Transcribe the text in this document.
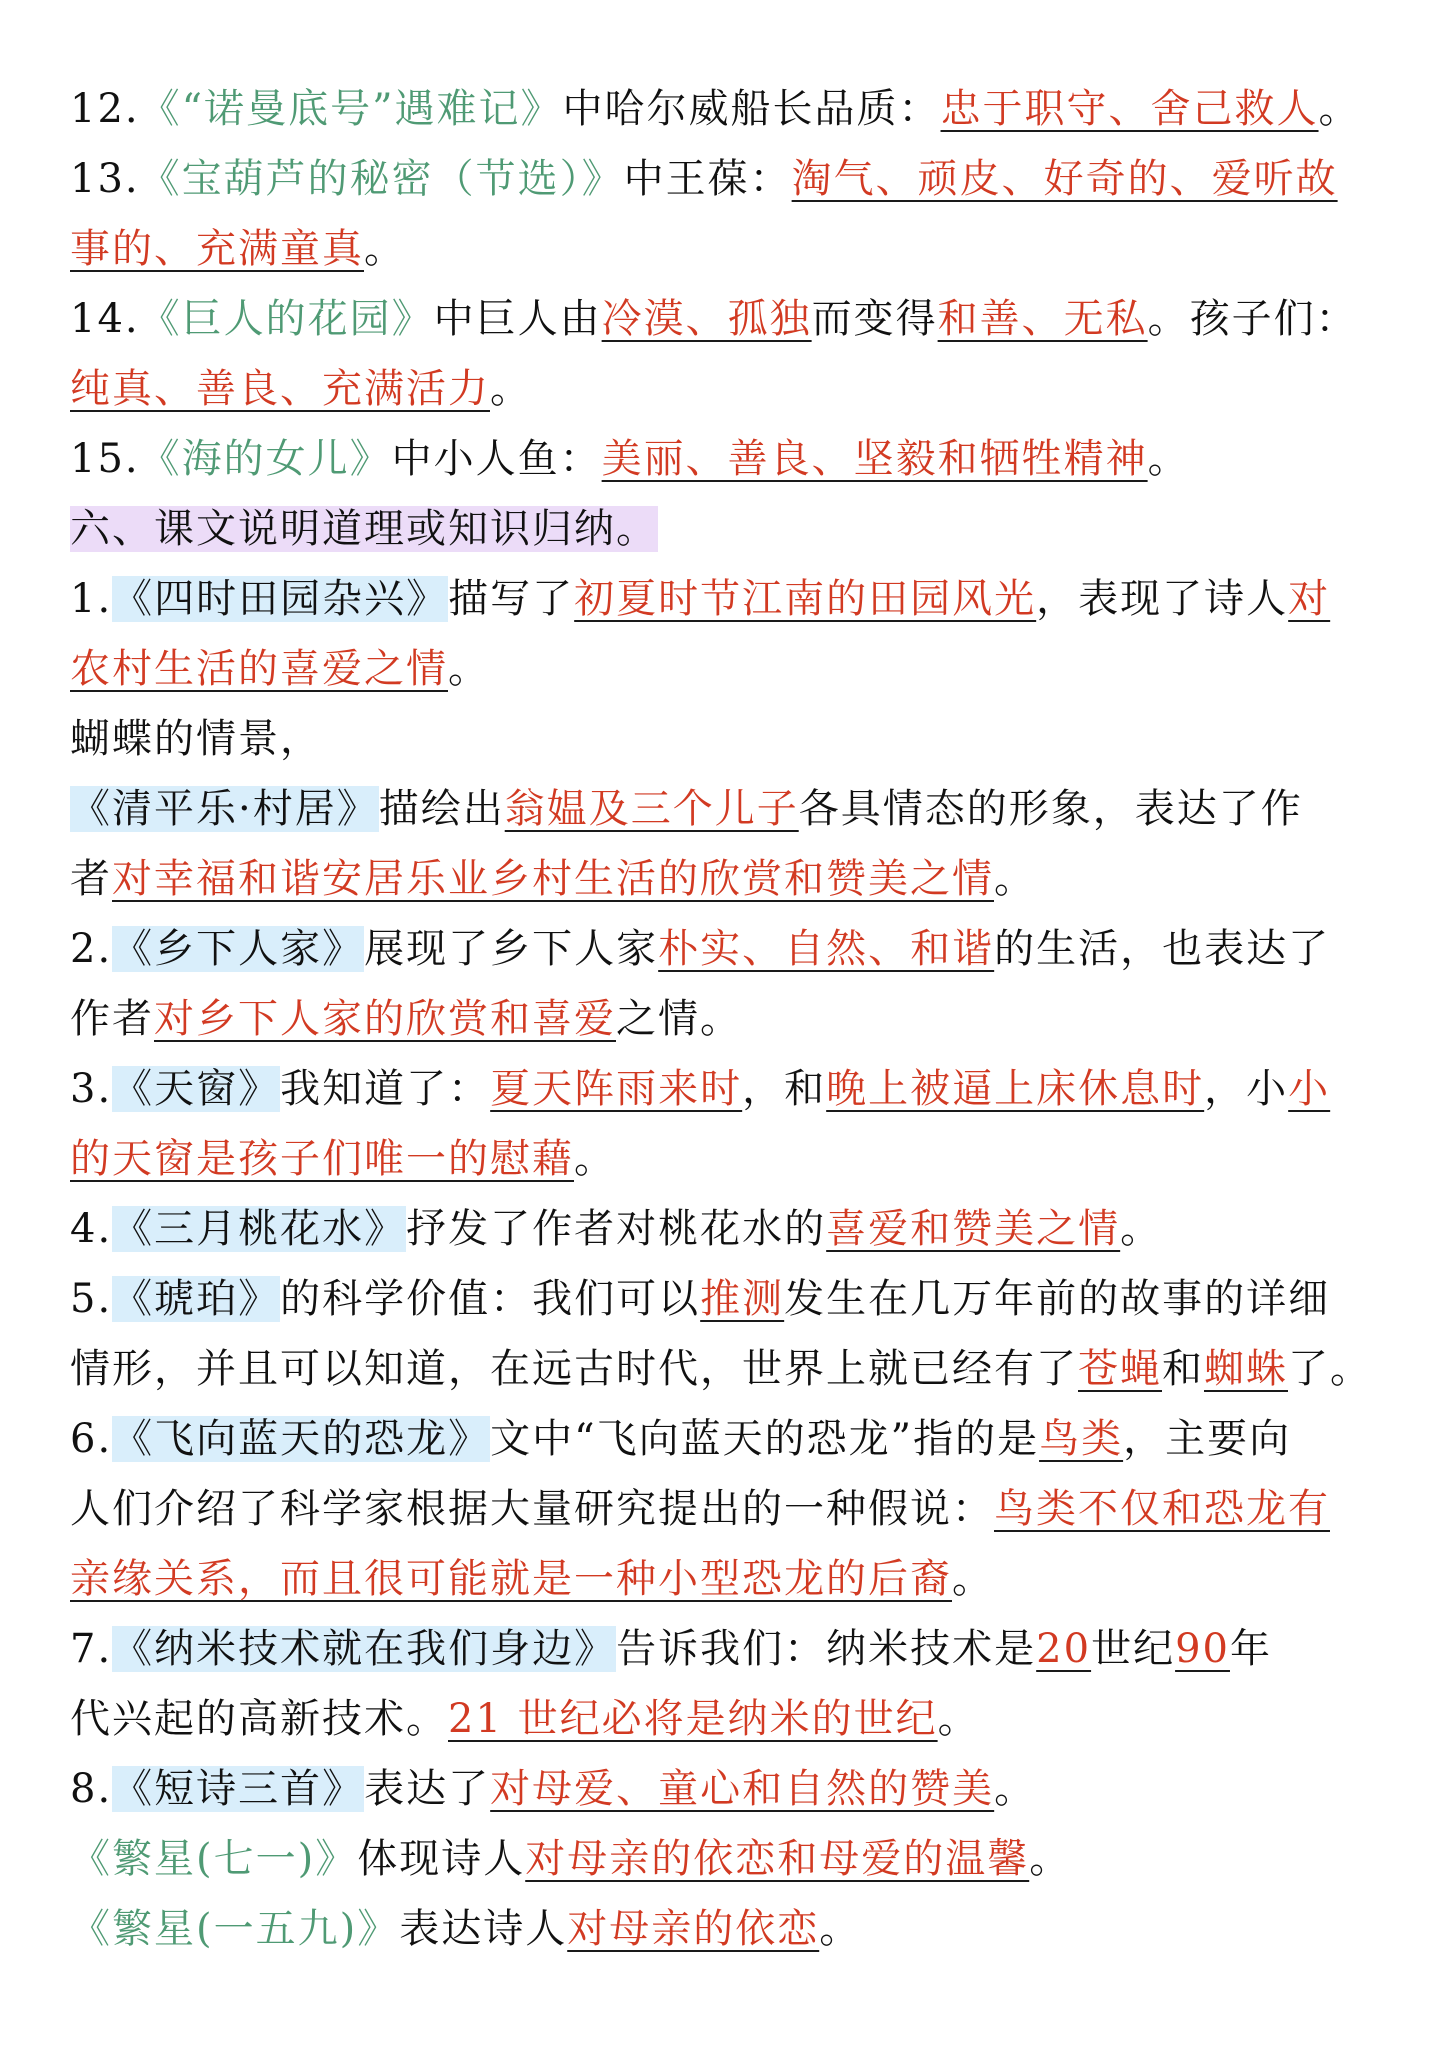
12.《“诺曼底号”遇难记》中哈尔威船长品质：忠于职守、舍己救人。
13.《宝葫芦的秘密（节选）》中王葆：淘气、顽皮、好奇的、爱听故
事的、充满童真。
14.《巨人的花园》中巨人由冷漠、孤独而变得和善、无私。孩子们：
纯真、善良、充满活力。
15.《海的女儿》中小人鱼：美丽、善良、坚毅和牺牲精神。
六、课文说明道理或知识归纳。
1.《四时田园杂兴》描写了初夏时节江南的田园风光，表现了诗人对
农村生活的喜爱之情。
蝴蝶的情景，
《清平乐·村居》描绘出翁媪及三个儿子各具情态的形象，表达了作
者对幸福和谐安居乐业乡村生活的欣赏和赞美之情。
2.《乡下人家》展现了乡下人家朴实、自然、和谐的生活，也表达了
作者对乡下人家的欣赏和喜爱之情。
3.《天窗》我知道了：夏天阵雨来时，和晚上被逼上床休息时，小小
的天窗是孩子们唯一的慰藉。
4.《三月桃花水》抒发了作者对桃花水的喜爱和赞美之情。
5.《琥珀》的科学价值：我们可以推测发生在几万年前的故事的详细
情形，并且可以知道，在远古时代，世界上就已经有了苍蝇和蜘蛛了。
6.《飞向蓝天的恐龙》文中“飞向蓝天的恐龙”指的是鸟类，主要向
人们介绍了科学家根据大量研究提出的一种假说：鸟类不仅和恐龙有
亲缘关系，而且很可能就是一种小型恐龙的后裔。
7.《纳米技术就在我们身边》告诉我们：纳米技术是20世纪90年
代兴起的高新技术。21 世纪必将是纳米的世纪。
8.《短诗三首》表达了对母爱、童心和自然的赞美。
《繁星(七一)》体现诗人对母亲的依恋和母爱的温馨。
《繁星(一五九)》表达诗人对母亲的依恋。
